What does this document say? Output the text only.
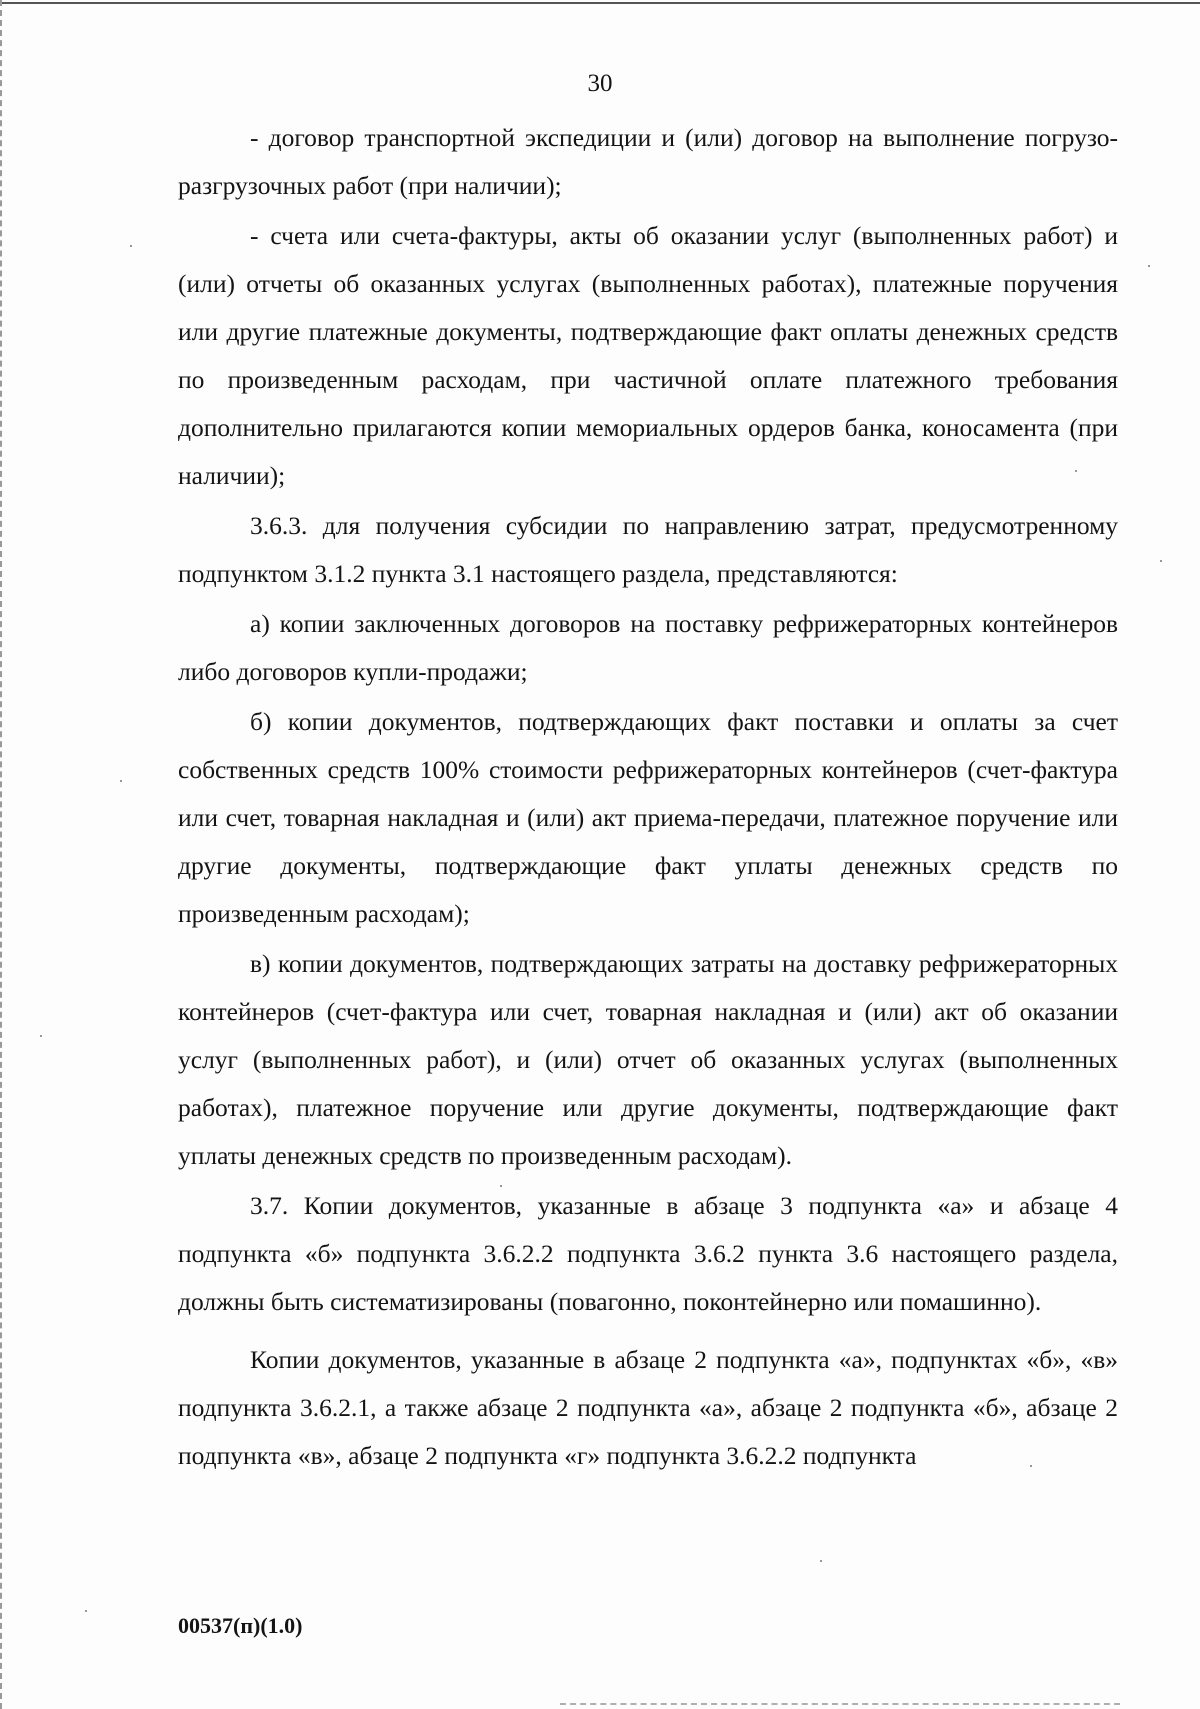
30

- договор транспортной экспедиции и (или) договор на выполнение погрузо-разгрузочных работ (при наличии);

- счета или счета-фактуры, акты об оказании услуг (выполненных работ) и (или) отчеты об оказанных услугах (выполненных работах), платежные поручения или другие платежные документы, подтверждающие факт оплаты денежных средств по произведенным расходам, при частичной оплате платежного требования дополнительно прилагаются копии мемориальных ордеров банка, коносамента (при наличии);

3.6.3. для получения субсидии по направлению затрат, предусмотренному подпунктом 3.1.2 пункта 3.1 настоящего раздела, представляются:

а) копии заключенных договоров на поставку рефрижераторных контейнеров либо договоров купли-продажи;

б) копии документов, подтверждающих факт поставки и оплаты за счет собственных средств 100% стоимости рефрижераторных контейнеров (счет-фактура или счет, товарная накладная и (или) акт приема-передачи, платежное поручение или другие документы, подтверждающие факт уплаты денежных средств по произведенным расходам);

в) копии документов, подтверждающих затраты на доставку рефрижераторных контейнеров (счет-фактура или счет, товарная накладная и (или) акт об оказании услуг (выполненных работ), и (или) отчет об оказанных услугах (выполненных работах), платежное поручение или другие документы, подтверждающие факт уплаты денежных средств по произведенным расходам).

3.7. Копии документов, указанные в абзаце 3 подпункта «а» и абзаце 4 подпункта «б» подпункта 3.6.2.2 подпункта 3.6.2 пункта 3.6 настоящего раздела, должны быть систематизированы (повагонно, поконтейнерно или помашинно).

Копии документов, указанные в абзаце 2 подпункта «а», подпунктах «б», «в» подпункта 3.6.2.1, а также абзаце 2 подпункта «а», абзаце 2 подпункта «б», абзаце 2 подпункта «в», абзаце 2 подпункта «г» подпункта 3.6.2.2 подпункта

00537(п)(1.0)
